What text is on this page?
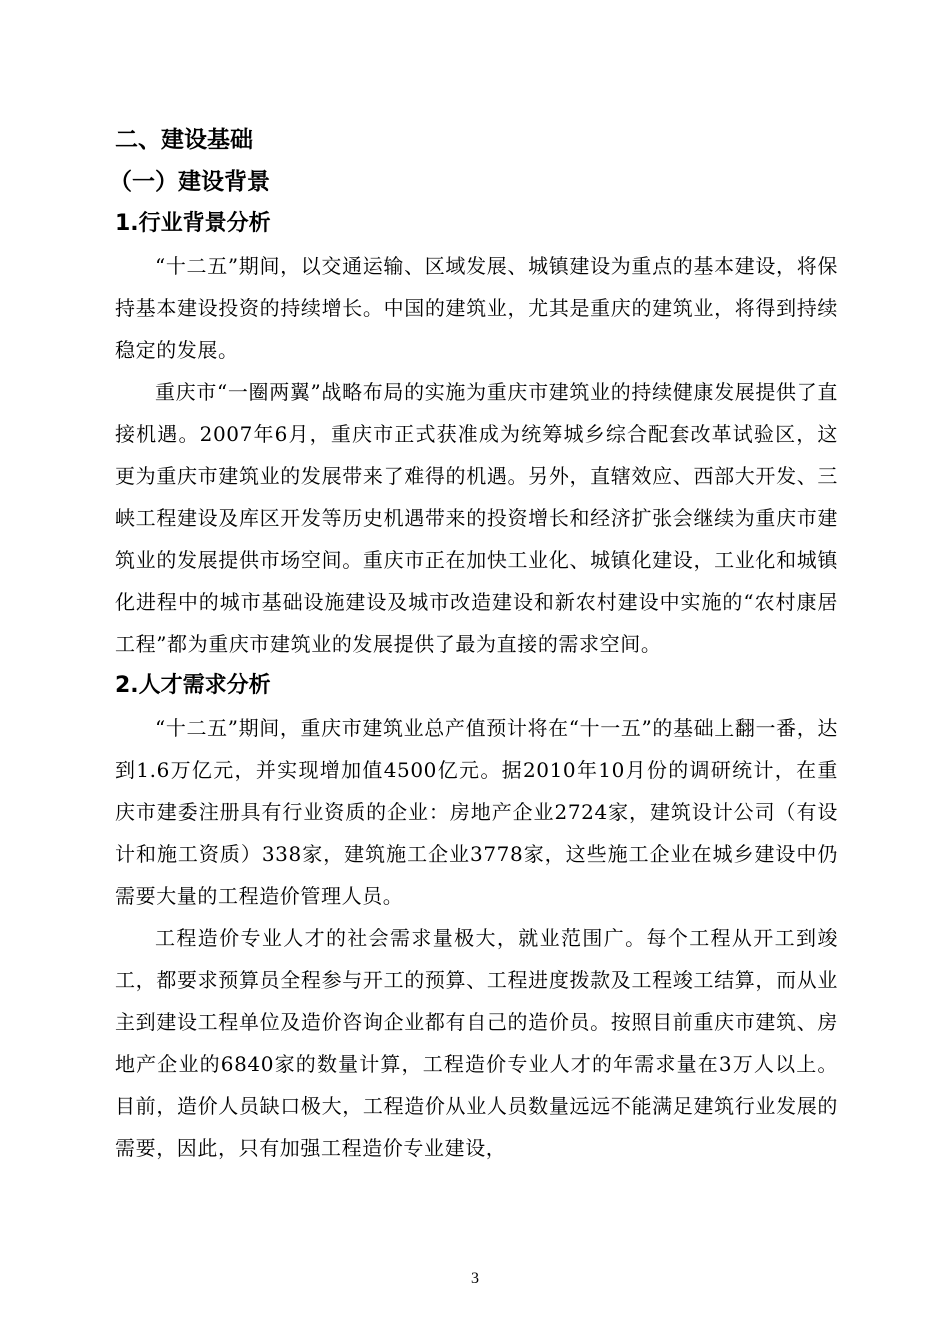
二、建设基础
（一）建设背景
1.行业背景分析

“十二五”期间，以交通运输、区域发展、城镇建设为重点的基本建设，将保持基本建设投资的持续增长。中国的建筑业，尤其是重庆的建筑业，将得到持续稳定的发展。

重庆市“一圈两翼”战略布局的实施为重庆市建筑业的持续健康发展提供了直接机遇。2007年6月，重庆市正式获准成为统筹城乡综合配套改革试验区，这更为重庆市建筑业的发展带来了难得的机遇。另外，直辖效应、西部大开发、三峡工程建设及库区开发等历史机遇带来的投资增长和经济扩张会继续为重庆市建筑业的发展提供市场空间。重庆市正在加快工业化、城镇化建设，工业化和城镇化进程中的城市基础设施建设及城市改造建设和新农村建设中实施的“农村康居工程”都为重庆市建筑业的发展提供了最为直接的需求空间。

2.人才需求分析

“十二五”期间，重庆市建筑业总产值预计将在“十一五”的基础上翻一番，达到1.6万亿元，并实现增加值4500亿元。据2010年10月份的调研统计，在重庆市建委注册具有行业资质的企业：房地产企业2724家，建筑设计公司（有设计和施工资质）338家，建筑施工企业3778家，这些施工企业在城乡建设中仍需要大量的工程造价管理人员。

工程造价专业人才的社会需求量极大，就业范围广。每个工程从开工到竣工，都要求预算员全程参与开工的预算、工程进度拨款及工程竣工结算，而从业主到建设工程单位及造价咨询企业都有自己的造价员。按照目前重庆市建筑、房地产企业的6840家的数量计算，工程造价专业人才的年需求量在3万人以上。目前，造价人员缺口极大，工程造价从业人员数量远远不能满足建筑行业发展的需要，因此，只有加强工程造价专业建设，

3
